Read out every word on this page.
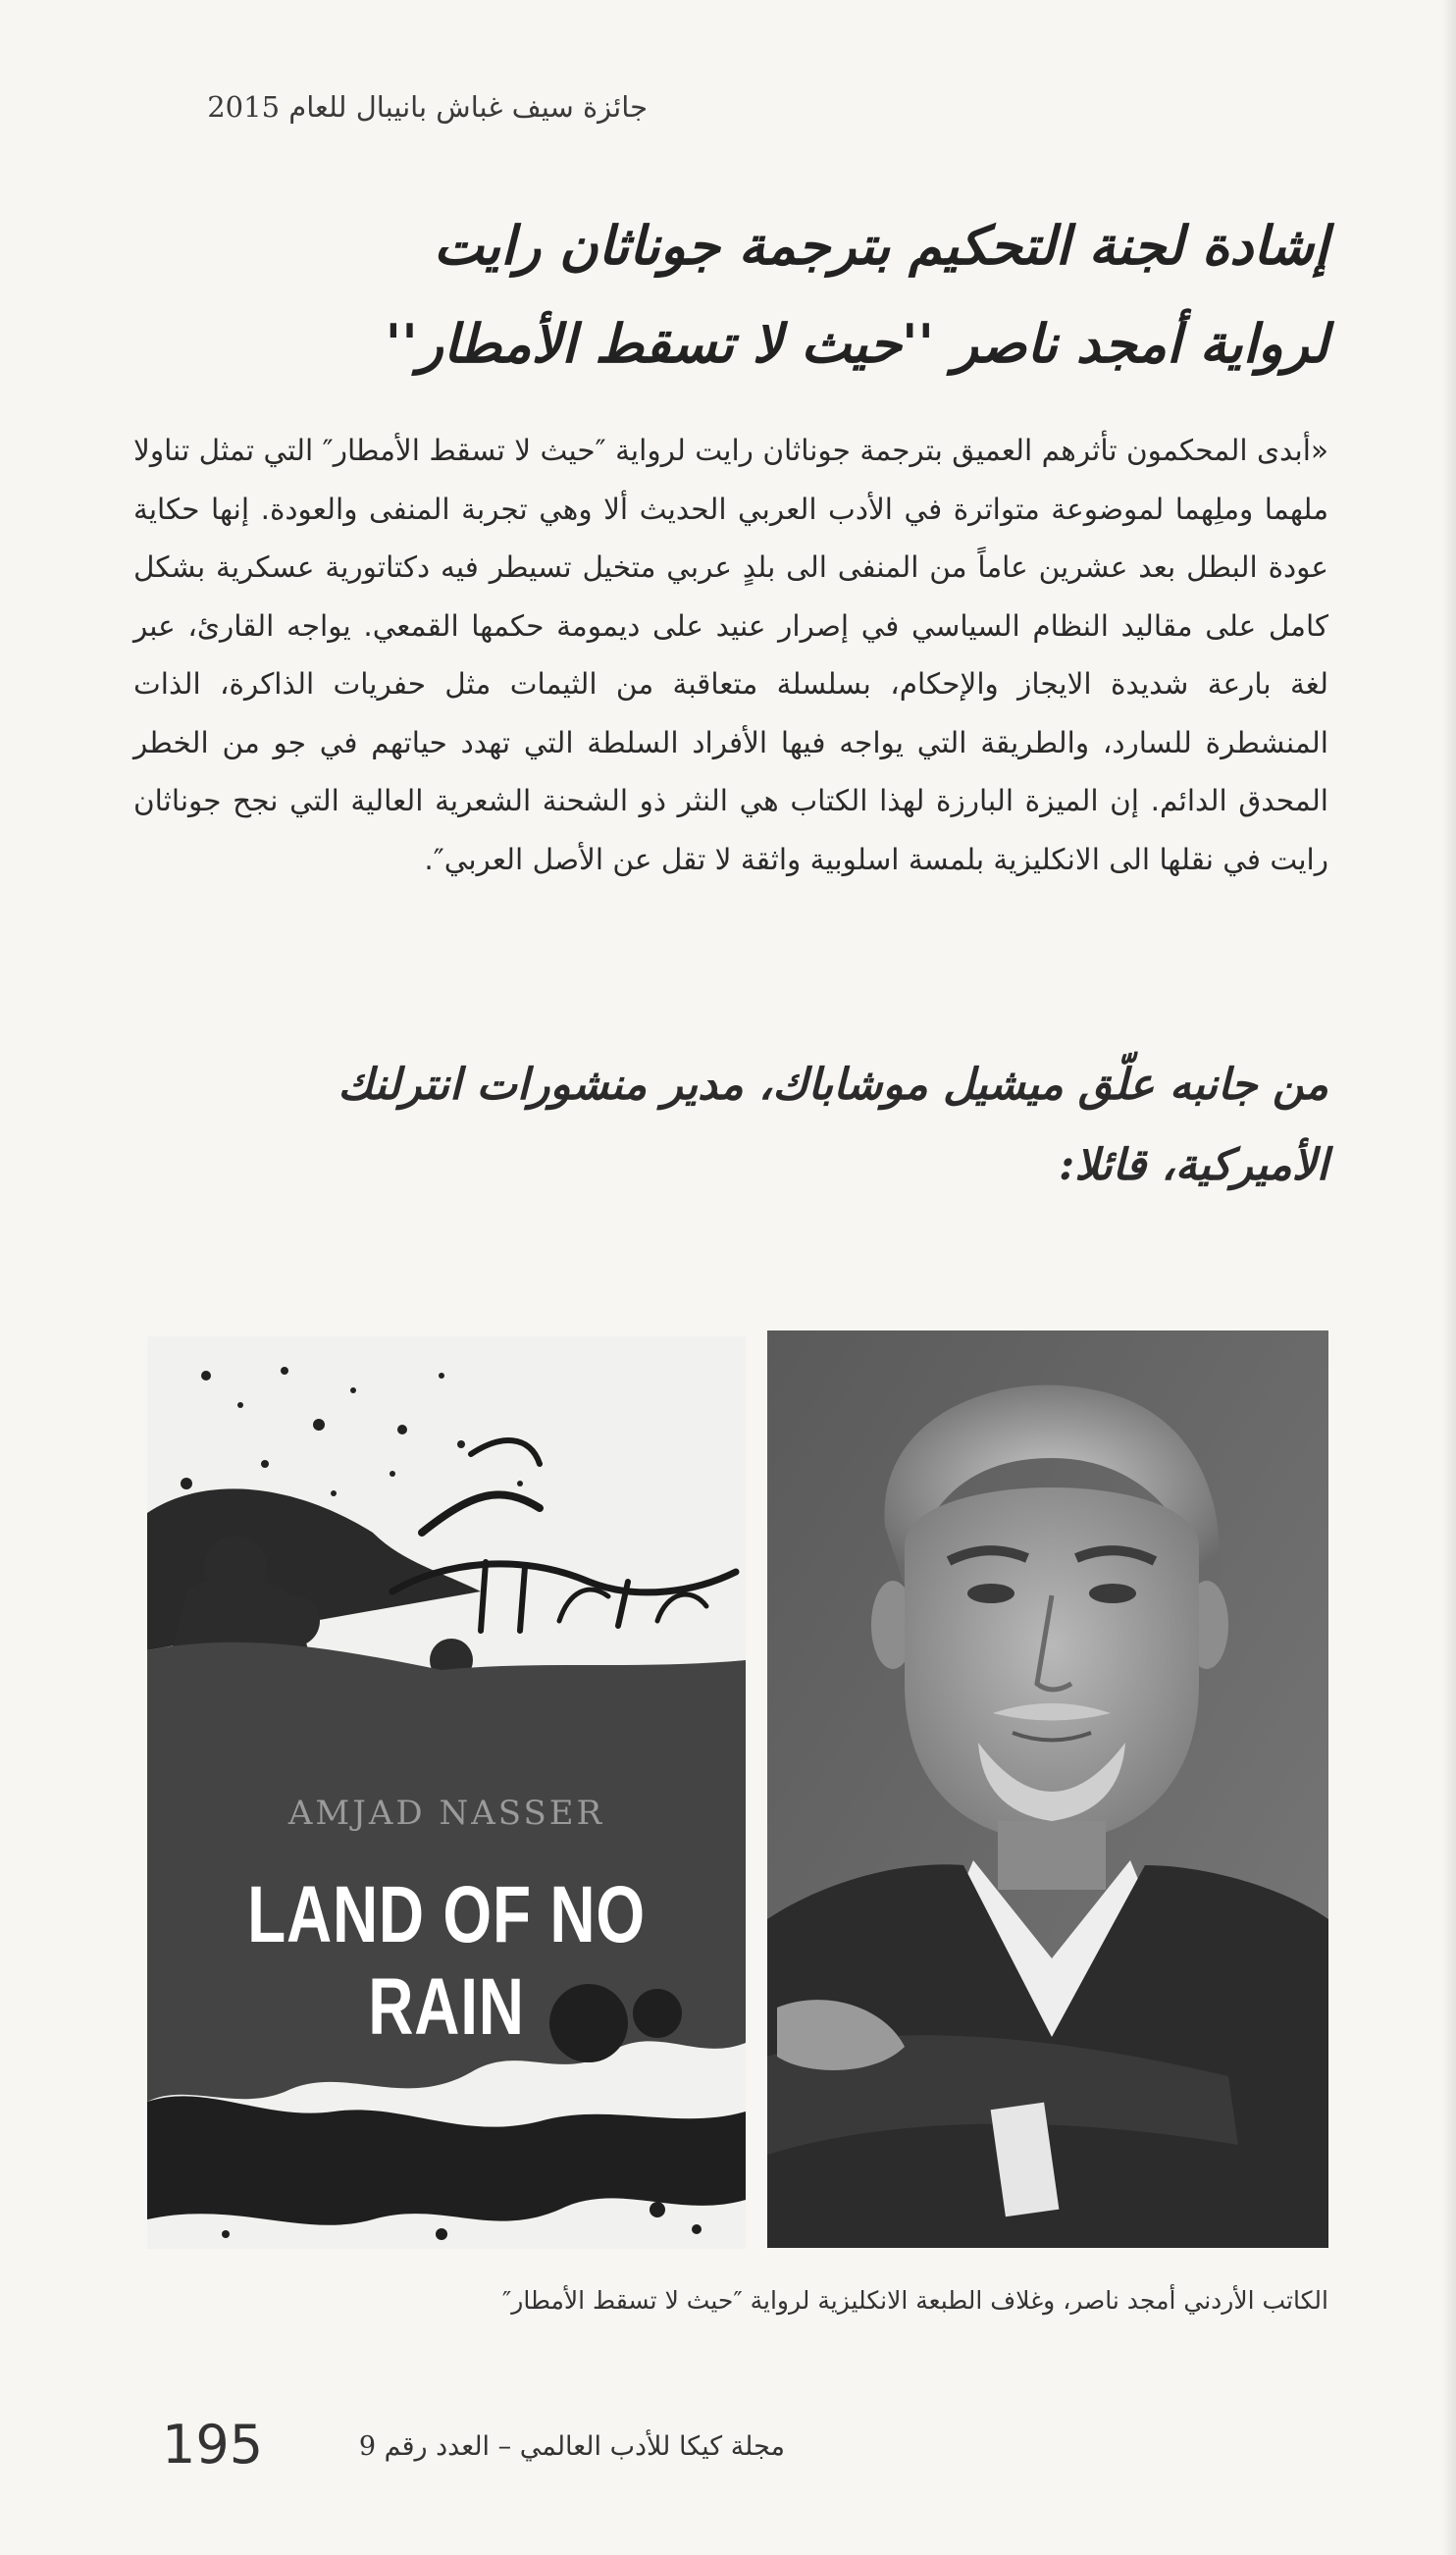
جائزة سيف غباش بانيبال للعام 2015
إشادة لجنة التحكيم بترجمة جوناثان رايت
لرواية أمجد ناصر ''حيث لا تسقط الأمطار''

«أبدى المحكمون تأثرهم العميق بترجمة جوناثان رايت لرواية ″حيث لا تسقط الأمطار″ التي تمثل تناولا ملهما وملِهما لموضوعة متواترة في الأدب العربي الحديث ألا وهي تجربة المنفى والعودة. إنها حكاية عودة البطل بعد عشرين عاماً من المنفى الى بلدٍ عربي متخيل تسيطر فيه دكتاتورية عسكرية بشكل كامل على مقاليد النظام السياسي في إصرار عنيد على ديمومة حكمها القمعي. يواجه القارئ، عبر لغة بارعة شديدة الايجاز والإحكام، بسلسلة متعاقبة من الثيمات مثل حفريات الذاكرة، الذات المنشطرة للسارد، والطريقة التي يواجه فيها الأفراد السلطة التي تهدد حياتهم في جو من الخطر المحدق الدائم. إن الميزة البارزة لهذا الكتاب هي النثر ذو الشحنة الشعرية العالية التي نجح جوناثان رايت في نقلها الى الانكليزية بلمسة اسلوبية واثقة لا تقل عن الأصل العربي″.

من جانبه علّق ميشيل موشاباك، مدير منشورات انترلنك
الأميركية، قائلا:
AMJAD NASSER
LAND OF NO RAIN
الكاتب الأردني أمجد ناصر، وغلاف الطبعة الانكليزية لرواية ″حيث لا تسقط الأمطار″
195	مجلة كيكا للأدب العالمي – العدد رقم 9
